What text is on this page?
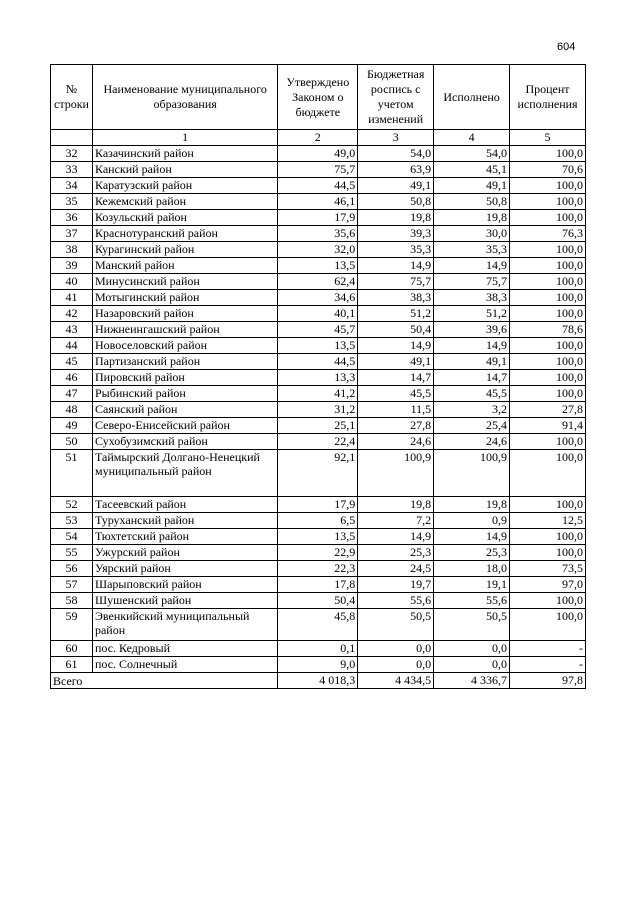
604
№ строки	Наименование муниципального образования	Утверждено Законом о бюджете	Бюджетная роспись с учетом изменений	Исполнено	Процент исполнения
	1	2	3	4	5
32	Казачинский район	49,0	54,0	54,0	100,0
33	Канский район	75,7	63,9	45,1	70,6
34	Каратузский район	44,5	49,1	49,1	100,0
35	Кежемский район	46,1	50,8	50,8	100,0
36	Козульский район	17,9	19,8	19,8	100,0
37	Краснотуранский район	35,6	39,3	30,0	76,3
38	Курагинский район	32,0	35,3	35,3	100,0
39	Манский район	13,5	14,9	14,9	100,0
40	Минусинский район	62,4	75,7	75,7	100,0
41	Мотыгинский район	34,6	38,3	38,3	100,0
42	Назаровский район	40,1	51,2	51,2	100,0
43	Нижнеингашский район	45,7	50,4	39,6	78,6
44	Новоселовский район	13,5	14,9	14,9	100,0
45	Партизанский район	44,5	49,1	49,1	100,0
46	Пировский район	13,3	14,7	14,7	100,0
47	Рыбинский район	41,2	45,5	45,5	100,0
48	Саянский район	31,2	11,5	3,2	27,8
49	Северо-Енисейский район	25,1	27,8	25,4	91,4
50	Сухобузимский район	22,4	24,6	24,6	100,0
51	Таймырский Долгано-Ненецкий муниципальный район	92,1	100,9	100,9	100,0
52	Тасеевский район	17,9	19,8	19,8	100,0
53	Туруханский район	6,5	7,2	0,9	12,5
54	Тюхтетский район	13,5	14,9	14,9	100,0
55	Ужурский район	22,9	25,3	25,3	100,0
56	Уярский район	22,3	24,5	18,0	73,5
57	Шарыповский район	17,8	19,7	19,1	97,0
58	Шушенский район	50,4	55,6	55,6	100,0
59	Эвенкийский муниципальный район	45,8	50,5	50,5	100,0
60	пос. Кедровый	0,1	0,0	0,0	-
61	пос. Солнечный	9,0	0,0	0,0	-
Всего		4 018,3	4 434,5	4 336,7	97,8
